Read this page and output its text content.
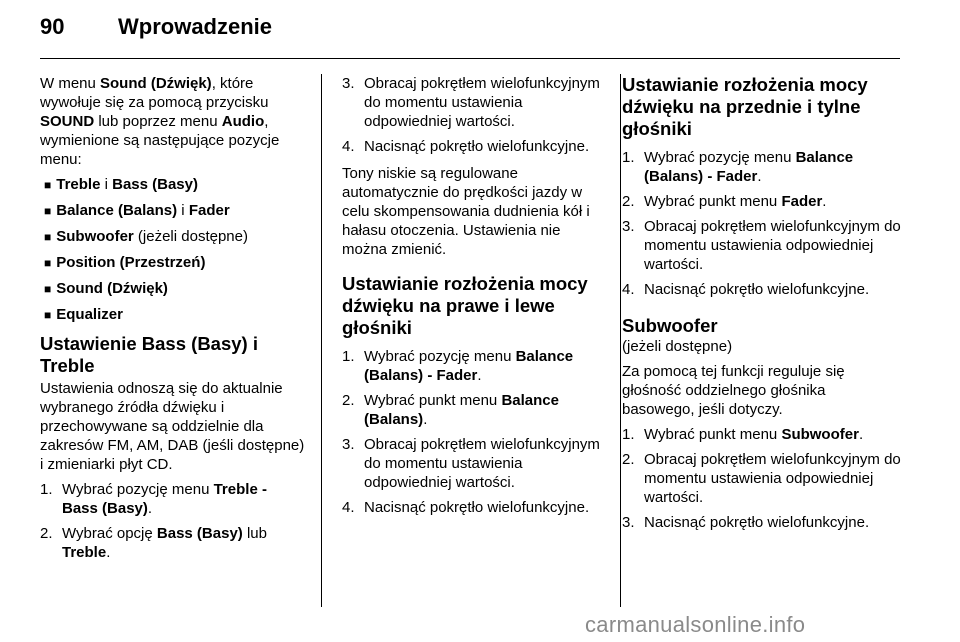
90 Wprowadzenie

W menu Sound (Dźwięk), które wywołuje się za pomocą przycisku SOUND lub poprzez menu Audio, wymienione są następujące pozycje menu:

■ Treble i Bass (Basy)
■ Balance (Balans) i Fader
■ Subwoofer (jeżeli dostępne)
■ Position (Przestrzeń)
■ Sound (Dźwięk)
■ Equalizer
Ustawienie Bass (Basy) i Treble

Ustawienia odnoszą się do aktualnie wybranego źródła dźwięku i przechowywane są oddzielnie dla zakresów FM, AM, DAB (jeśli dostępne) i zmieniarki płyt CD.

1. Wybrać pozycję menu Treble - Bass (Basy).
2. Wybrać opcję Bass (Basy) lub Treble.
3. Obracaj pokrętłem wielofunkcyjnym do momentu ustawienia odpowiedniej wartości.
4. Nacisnąć pokrętło wielofunkcyjne.

Tony niskie są regulowane automatycznie do prędkości jazdy w celu skompensowania dudnienia kół i hałasu otoczenia. Ustawienia nie można zmienić.

Ustawianie rozłożenia mocy dźwięku na prawe i lewe głośniki
1. Wybrać pozycję menu Balance (Balans) - Fader.
2. Wybrać punkt menu Balance (Balans).
3. Obracaj pokrętłem wielofunkcyjnym do momentu ustawienia odpowiedniej wartości.
4. Nacisnąć pokrętło wielofunkcyjne.
Ustawianie rozłożenia mocy dźwięku na przednie i tylne głośniki
1. Wybrać pozycję menu Balance (Balans) - Fader.
2. Wybrać punkt menu Fader.
3. Obracaj pokrętłem wielofunkcyjnym do momentu ustawienia odpowiedniej wartości.
4. Nacisnąć pokrętło wielofunkcyjne.
Subwoofer

(jeżeli dostępne)

Za pomocą tej funkcji reguluje się głośność oddzielnego głośnika basowego, jeśli dotyczy.

1. Wybrać punkt menu Subwoofer.
2. Obracaj pokrętłem wielofunkcyjnym do momentu ustawienia odpowiedniej wartości.
3. Nacisnąć pokrętło wielofunkcyjne.
carmanualsonline.info
